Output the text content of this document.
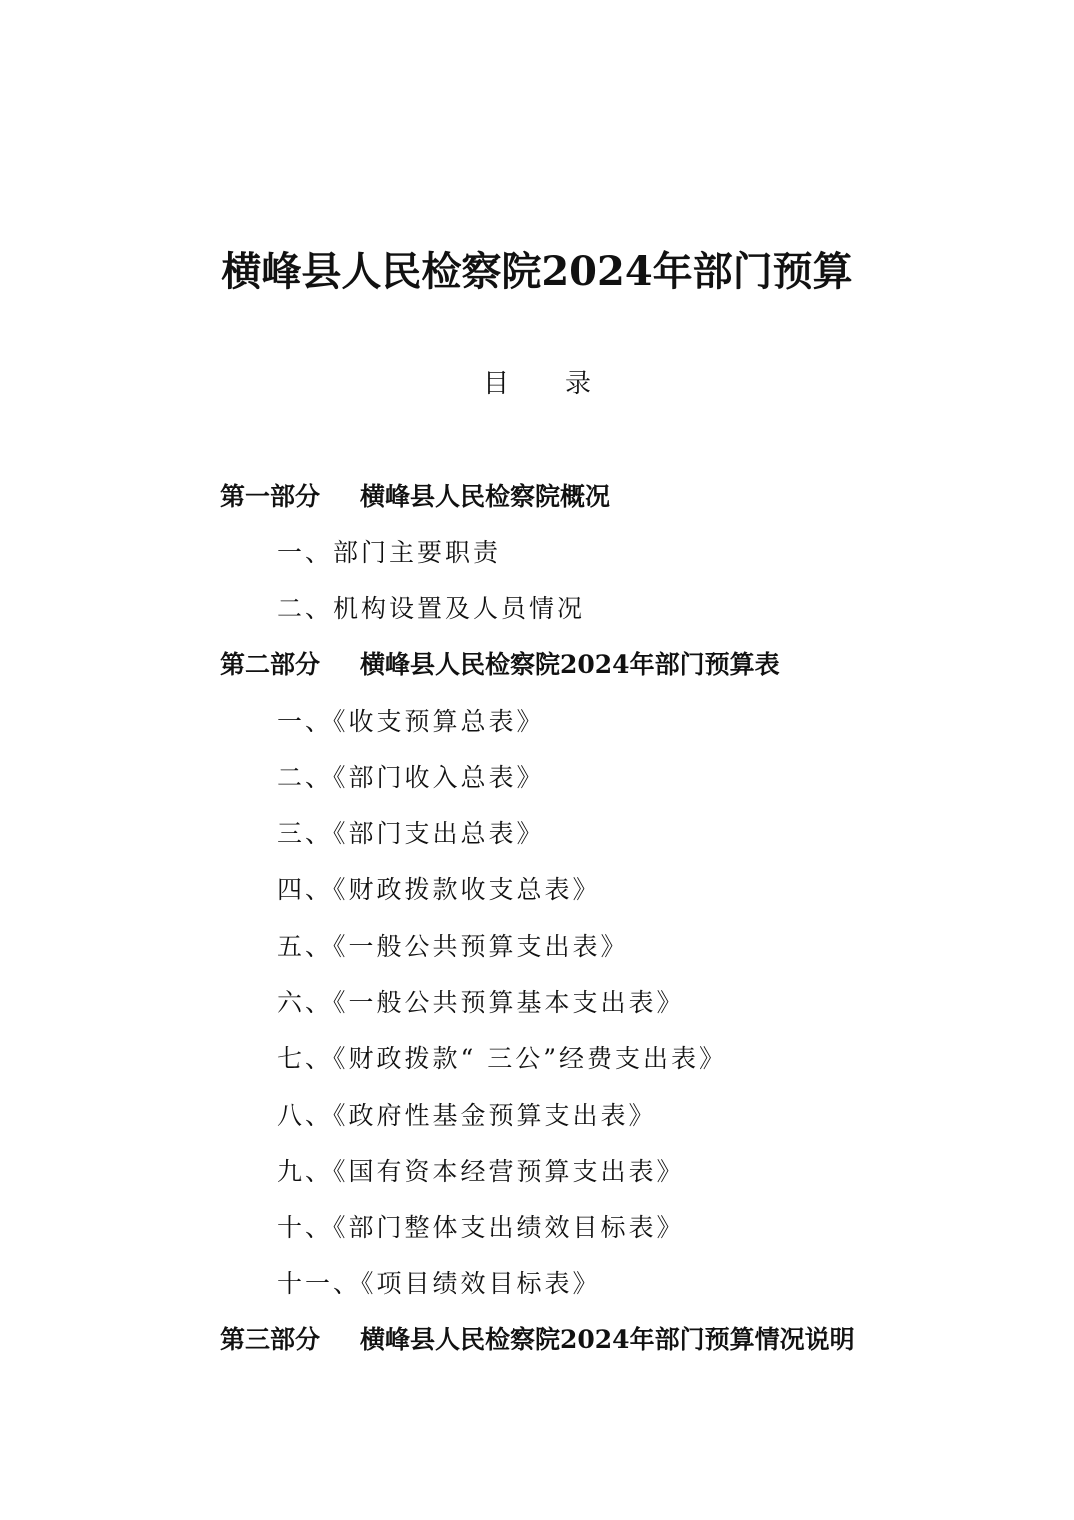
横峰县人民检察院2024年部门预算
目录
第一部分 横峰县人民检察院概况
一、部门主要职责
二、机构设置及人员情况
第二部分 横峰县人民检察院2024年部门预算表
一、《收支预算总表》
二、《部门收入总表》
三、《部门支出总表》
四、《财政拨款收支总表》
五、《一般公共预算支出表》
六、《一般公共预算基本支出表》
七、《财政拨款“ 三公”经费支出表》
八、《政府性基金预算支出表》
九、《国有资本经营预算支出表》
十、《部门整体支出绩效目标表》
十一、《项目绩效目标表》
第三部分 横峰县人民检察院2024年部门预算情况说明
